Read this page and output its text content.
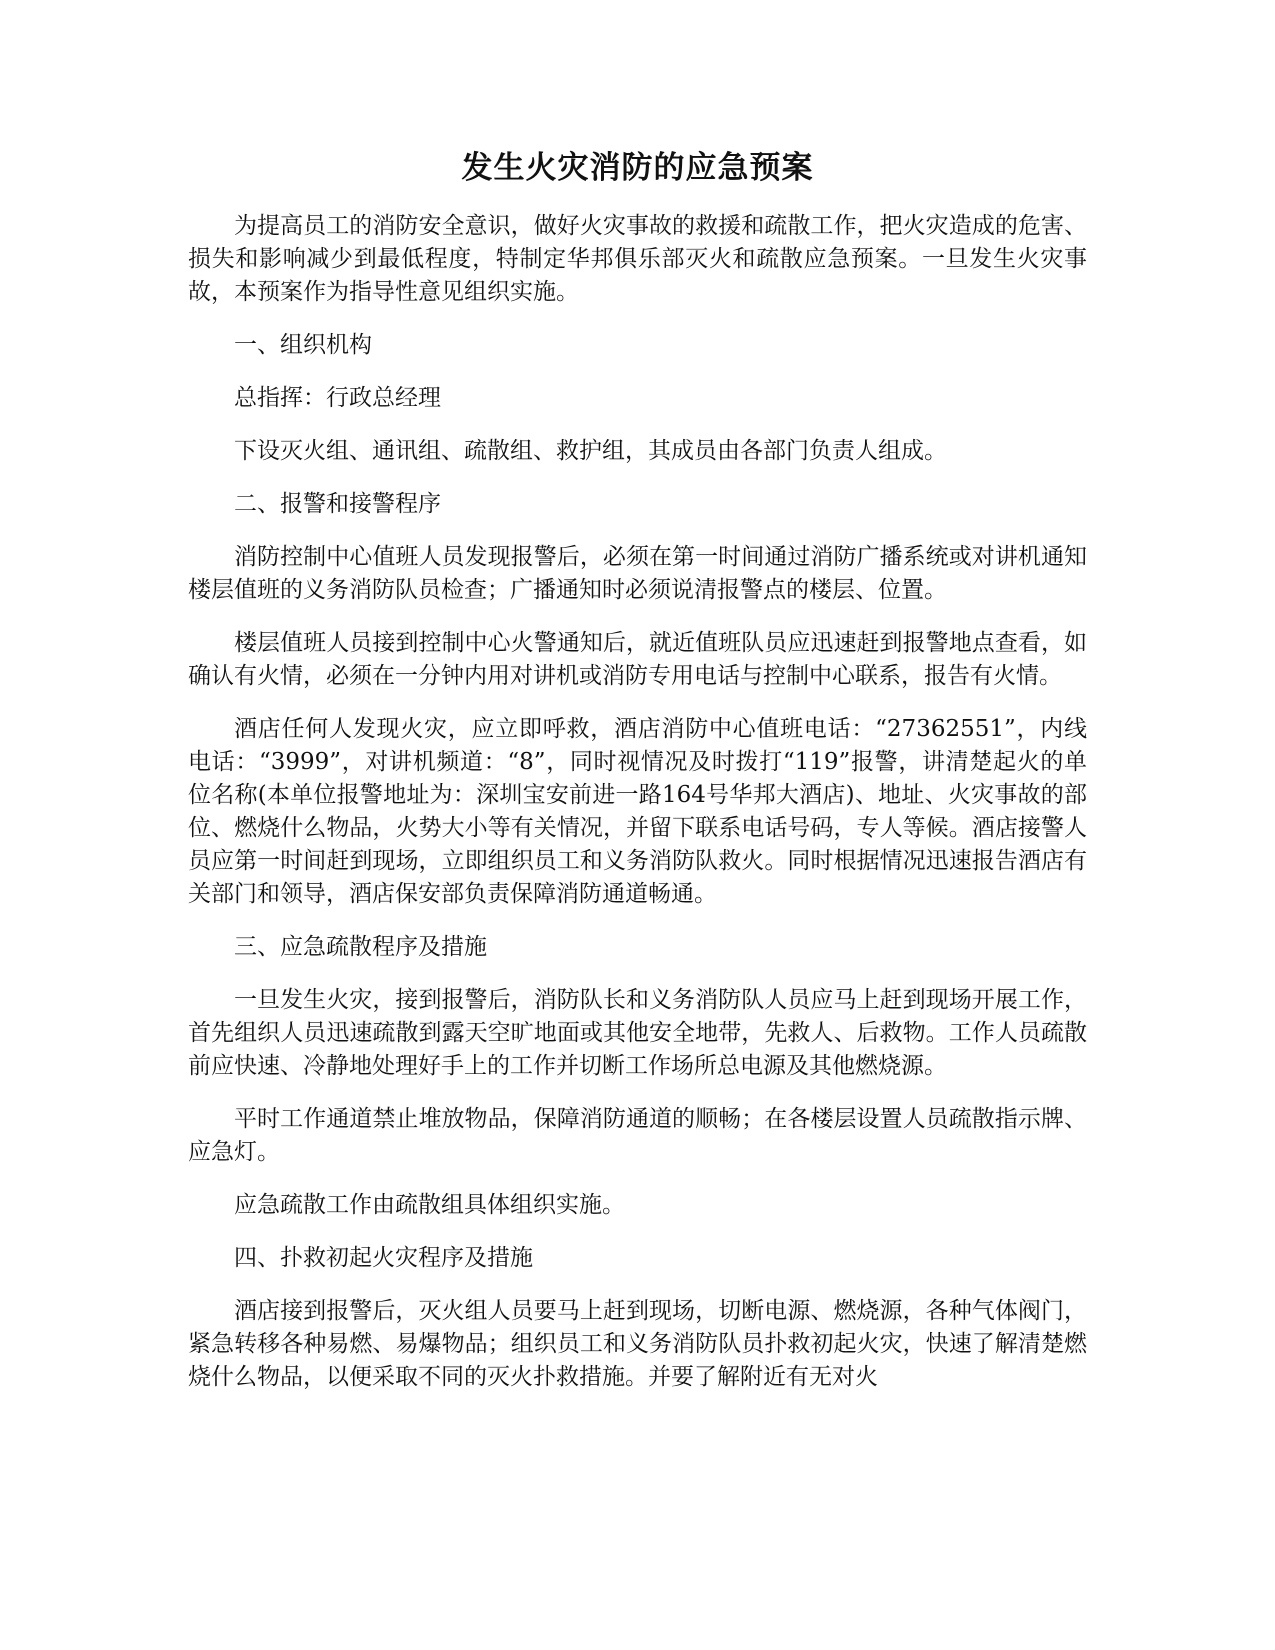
发生火灾消防的应急预案

为提高员工的消防安全意识，做好火灾事故的救援和疏散工作，把火灾造成的危害、损失和影响减少到最低程度，特制定华邦俱乐部灭火和疏散应急预案。一旦发生火灾事故，本预案作为指导性意见组织实施。

一、组织机构

总指挥：行政总经理

下设灭火组、通讯组、疏散组、救护组，其成员由各部门负责人组成。

二、报警和接警程序

消防控制中心值班人员发现报警后，必须在第一时间通过消防广播系统或对讲机通知楼层值班的义务消防队员检查；广播通知时必须说清报警点的楼层、位置。

楼层值班人员接到控制中心火警通知后，就近值班队员应迅速赶到报警地点查看，如确认有火情，必须在一分钟内用对讲机或消防专用电话与控制中心联系，报告有火情。

酒店任何人发现火灾，应立即呼救，酒店消防中心值班电话：“27362551”，内线电话：“3999”，对讲机频道：“8”，同时视情况及时拨打“119”报警，讲清楚起火的单位名称(本单位报警地址为：深圳宝安前进一路164号华邦大酒店)、地址、火灾事故的部位、燃烧什么物品，火势大小等有关情况，并留下联系电话号码，专人等候。酒店接警人员应第一时间赶到现场，立即组织员工和义务消防队救火。同时根据情况迅速报告酒店有关部门和领导，酒店保安部负责保障消防通道畅通。

三、应急疏散程序及措施

一旦发生火灾，接到报警后，消防队长和义务消防队人员应马上赶到现场开展工作，首先组织人员迅速疏散到露天空旷地面或其他安全地带，先救人、后救物。工作人员疏散前应快速、冷静地处理好手上的工作并切断工作场所总电源及其他燃烧源。

平时工作通道禁止堆放物品，保障消防通道的顺畅；在各楼层设置人员疏散指示牌、应急灯。

应急疏散工作由疏散组具体组织实施。

四、扑救初起火灾程序及措施

酒店接到报警后，灭火组人员要马上赶到现场，切断电源、燃烧源，各种气体阀门，紧急转移各种易燃、易爆物品；组织员工和义务消防队员扑救初起火灾，快速了解清楚燃烧什么物品，以便采取不同的灭火扑救措施。并要了解附近有无对火
